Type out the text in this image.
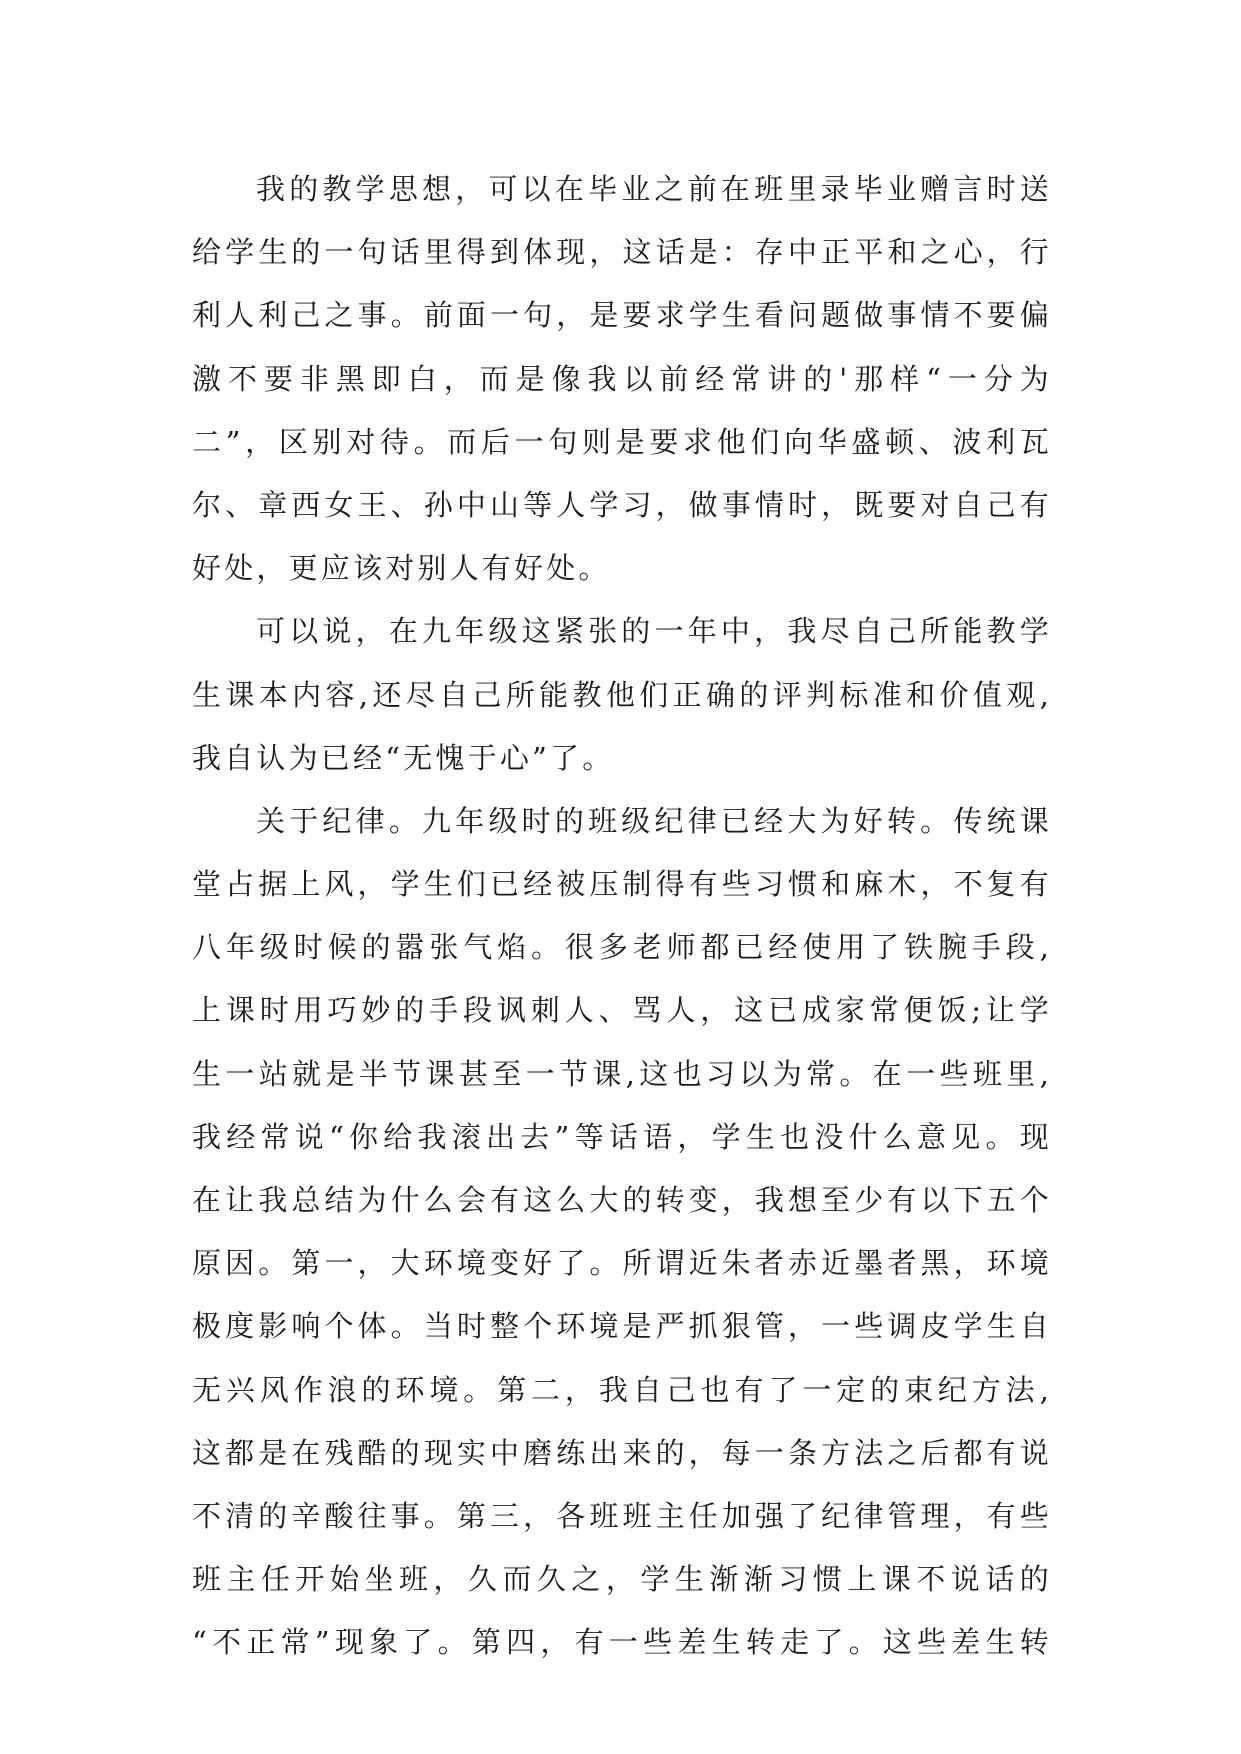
我的教学思想，可以在毕业之前在班里录毕业赠言时送
给学生的一句话里得到体现，这话是：存中正平和之心，行
利人利己之事。前面一句，是要求学生看问题做事情不要偏
激不要非黑即白，而是像我以前经常讲的'那样“一分为
二”，区别对待。而后一句则是要求他们向华盛顿、波利瓦
尔、章西女王、孙中山等人学习，做事情时，既要对自己有
好处，更应该对别人有好处。
可以说，在九年级这紧张的一年中，我尽自己所能教学
生课本内容,还尽自己所能教他们正确的评判标准和价值观,
我自认为已经“无愧于心”了。
关于纪律。九年级时的班级纪律已经大为好转。传统课
堂占据上风，学生们已经被压制得有些习惯和麻木，不复有
八年级时候的嚣张气焰。很多老师都已经使用了铁腕手段,
上课时用巧妙的手段讽刺人、骂人，这已成家常便饭;让学
生一站就是半节课甚至一节课,这也习以为常。在一些班里,
我经常说“你给我滚出去”等话语，学生也没什么意见。现
在让我总结为什么会有这么大的转变，我想至少有以下五个
原因。第一，大环境变好了。所谓近朱者赤近墨者黑，环境
极度影响个体。当时整个环境是严抓狠管，一些调皮学生自
无兴风作浪的环境。第二，我自己也有了一定的束纪方法,
这都是在残酷的现实中磨练出来的，每一条方法之后都有说
不清的辛酸往事。第三，各班班主任加强了纪律管理，有些
班主任开始坐班，久而久之，学生渐渐习惯上课不说话的
“不正常”现象了。第四，有一些差生转走了。这些差生转
